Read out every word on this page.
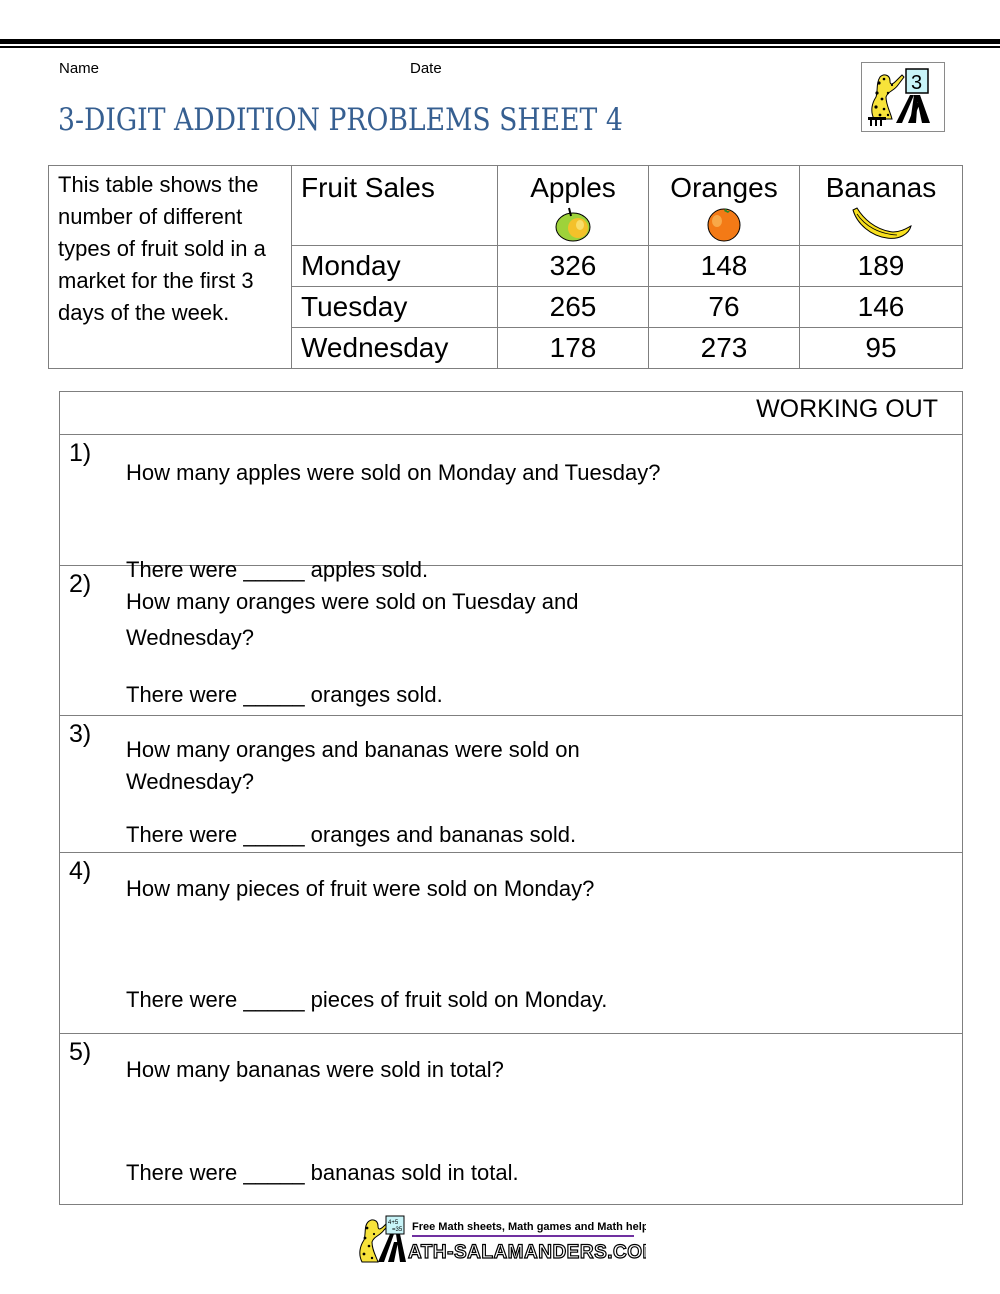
Name	Date
3-DIGIT ADDITION PROBLEMS SHEET 4
3
This table shows the number of different types of fruit sold in a market for the first 3 days of the week.	Fruit Sales	Apples	Oranges	Bananas

	Monday	326	148	189
	Tuesday	265	76	146
	Wednesday	178	273	95
WORKING OUT

1)
How many apples were sold on Monday and Tuesday?
There were _____ apples sold.

2)
How many oranges were sold on Tuesday and Wednesday?
There were _____ oranges sold.

3)
How many oranges and bananas were sold on Wednesday?
There were _____ oranges and bananas sold.

4)
How many pieces of fruit were sold on Monday?
There were _____ pieces of fruit sold on Monday.

5)
How many bananas were sold in total?
There were _____ bananas sold in total.
4+5
=35 Free Math sheets, Math games and Math help
ATH-SALAMANDERS.COM
